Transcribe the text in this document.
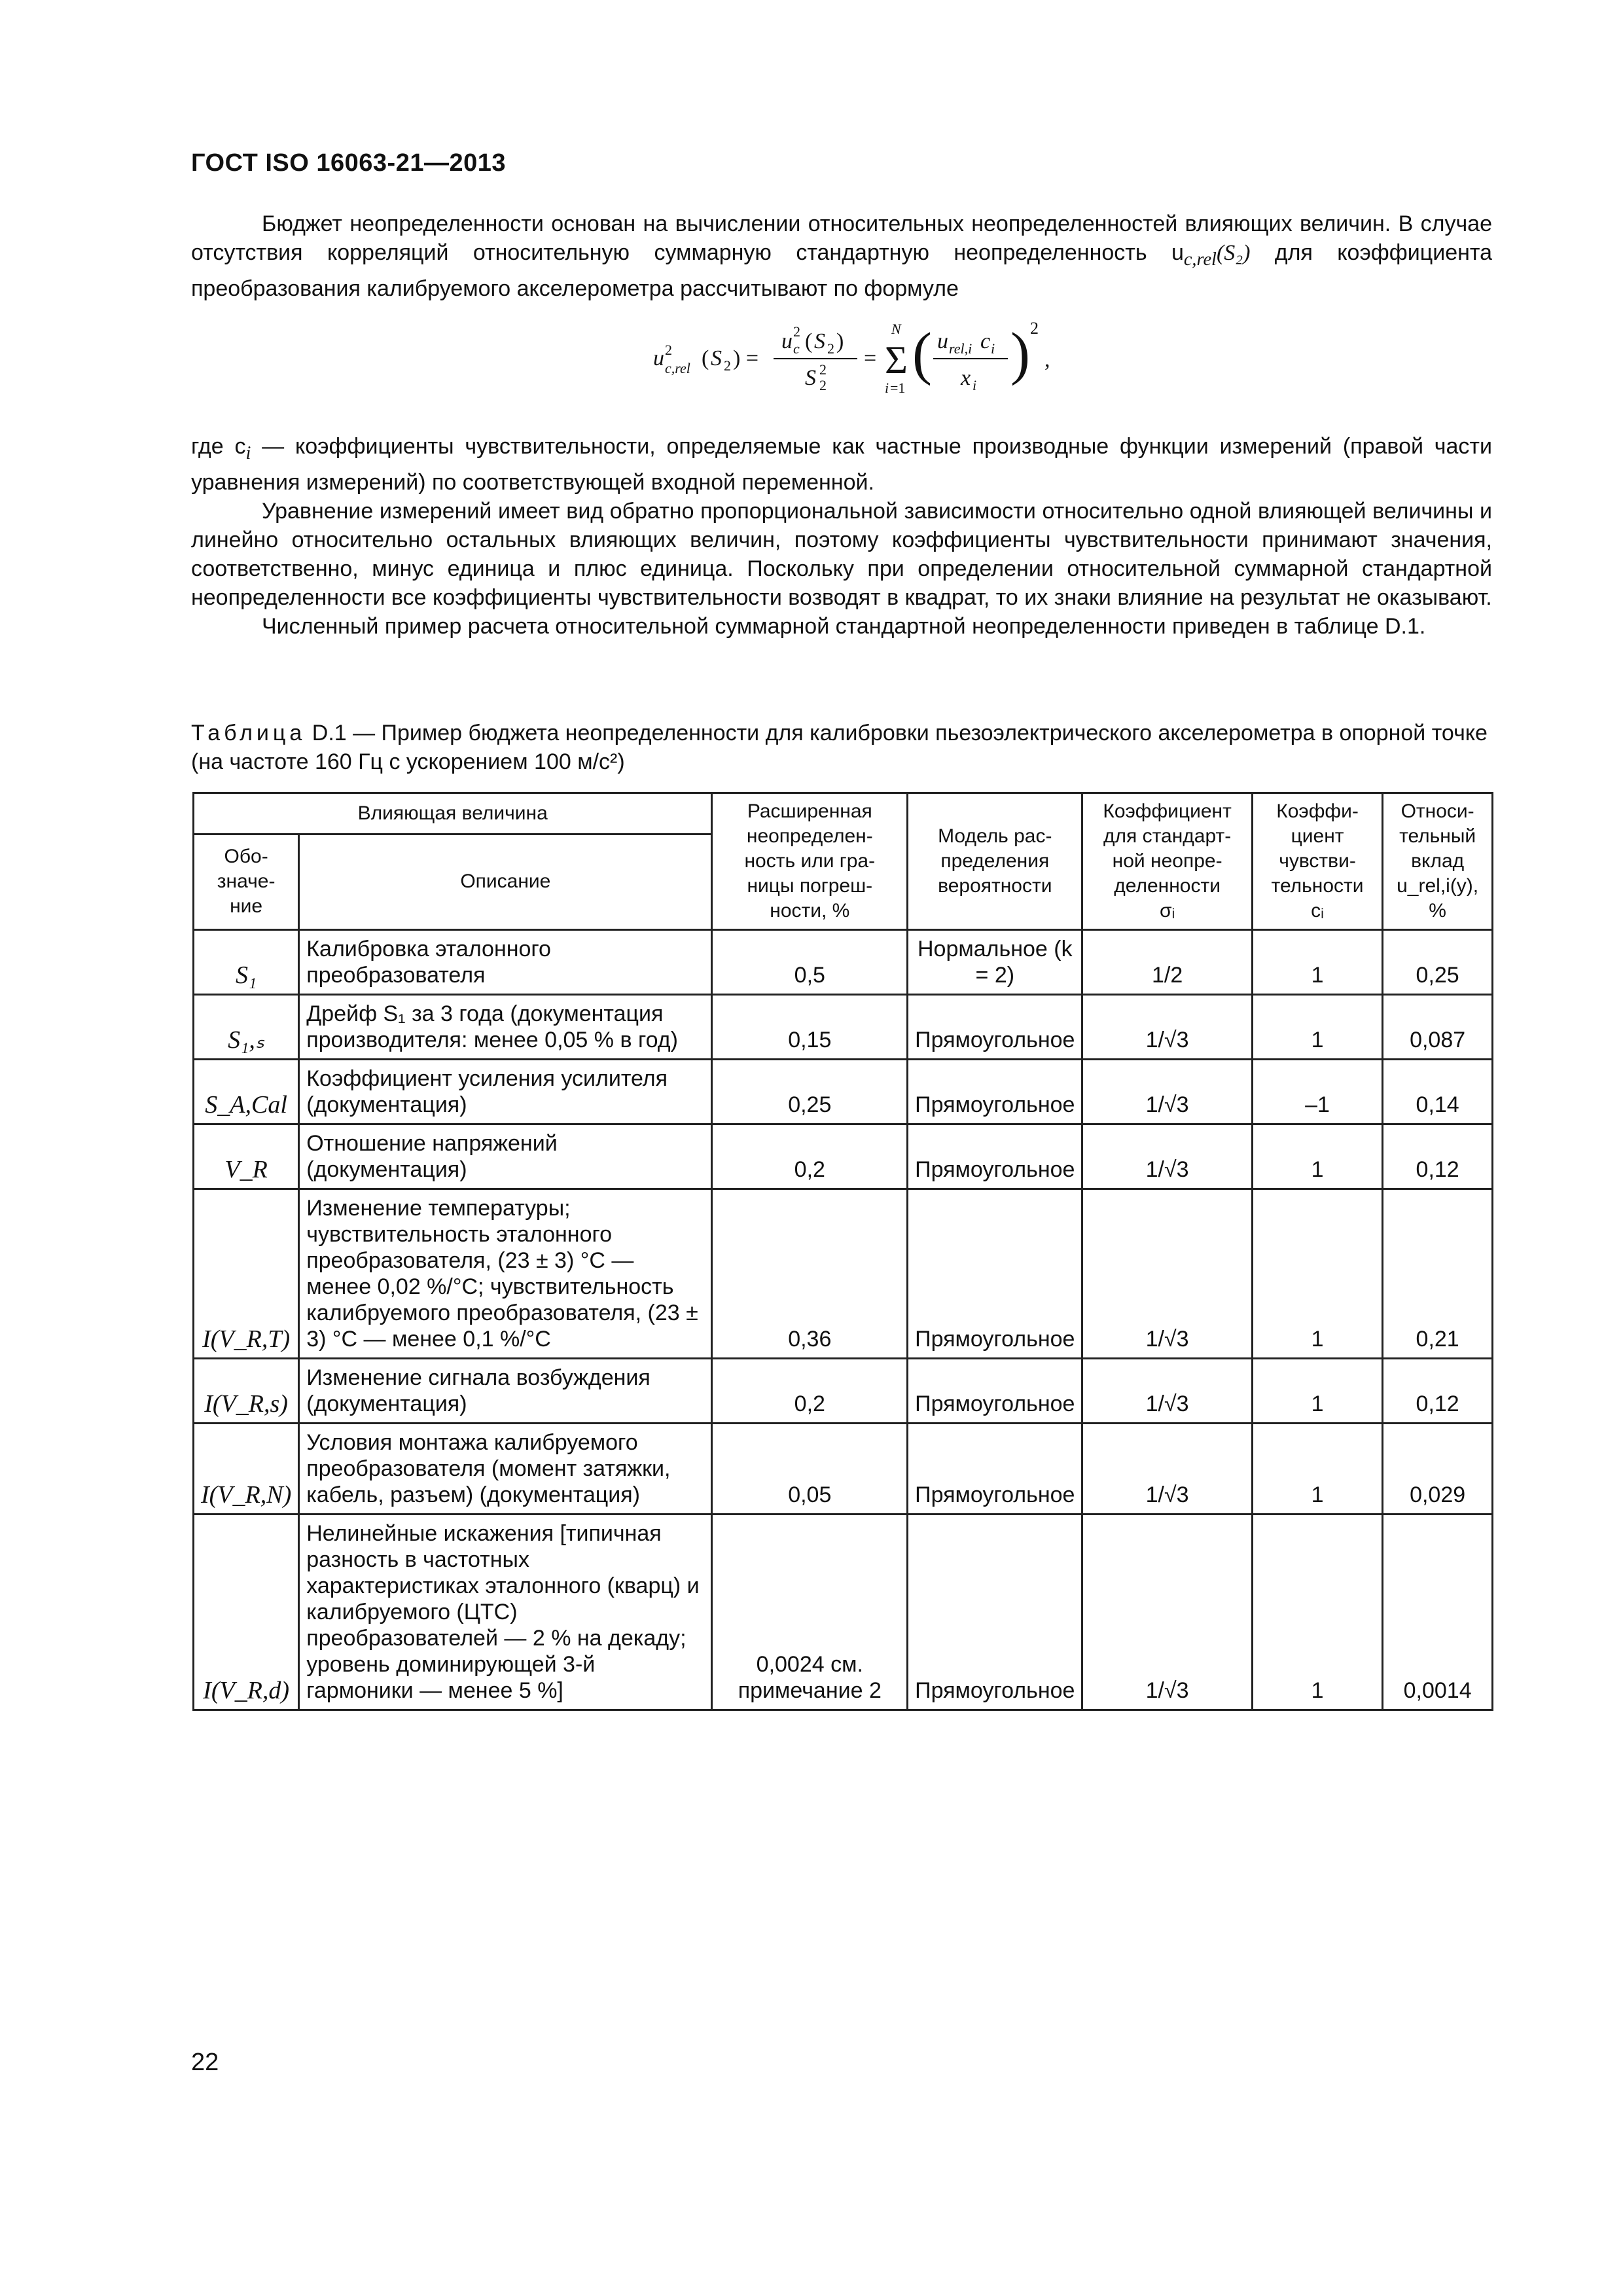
ГОСТ ISO 16063-21—2013

Бюджет неопределенности основан на вычислении относительных неопределенностей влияющих величин. В случае отсутствия корреляций относительную суммарную стандартную неопределенность $u_{c,rel}(S_2)$ для коэффициента преобразования калибруемого акселерометра рассчитывают по формуле

u 2
c,rel ( S 2 ) =
u 2
c ( S 2 )
S 2
2
= Σ
N
i =1
( u rel,i c i
x i ) 2
,

где $c_i$ — коэффициенты чувствительности, определяемые как частные производные функции измерений (правой части уравнения измерений) по соответствующей входной переменной.

Уравнение измерений имеет вид обратно пропорциональной зависимости относительно одной влияющей величины и линейно относительно остальных влияющих величин, поэтому коэффициенты чувствительности принимают значения, соответственно, минус единица и плюс единица. Поскольку при определении относительной суммарной стандартной неопределенности все коэффициенты чувствительности возводят в квадрат, то их знаки влияние на результат не оказывают.

Численный пример расчета относительной суммарной стандартной неопределенности приведен в таблице D.1.

Таблица D.1 — Пример бюджета неопределенности для калибровки пьезоэлектрического акселерометра в опорной точке (на частоте 160 Гц с ускорением 100 м/с²)
Влияющая величина		Расширенная
неопределен-
ность или гра-
ницы погреш-
ности, %	Модель рас-
пределения
вероятности	Коэффициент
для стандарт-
ной неопре-
деленности
σᵢ	Коэффи-
циент
чувстви-
тельности
cᵢ	Относи-
тельный
вклад
u_rel,i(y),
%
Обо-
значе-
ние	Описание					
S₁	Калибровка эталонного преобразователя	0,5	Нормальное (k = 2)	1/2	1	0,25
S₁,ₛ	Дрейф S₁ за 3 года (документация производителя: менее 0,05 % в год)	0,15	Прямоугольное	1/√3	1	0,087
S_A,Cal	Коэффициент усиления усилителя (документация)	0,25	Прямоугольное	1/√3	–1	0,14
V_R	Отношение напряжений (документация)	0,2	Прямоугольное	1/√3	1	0,12
I(V_R,T)	Изменение температуры; чувствительность эталонного преобразователя, (23 ± 3) °С — менее 0,02 %/°С; чувствительность калибруемого преобразователя, (23 ± 3) °С — менее 0,1 %/°С	0,36	Прямоугольное	1/√3	1	0,21
I(V_R,s)	Изменение сигнала возбуждения (документация)	0,2	Прямоугольное	1/√3	1	0,12
I(V_R,N)	Условия монтажа калибруемого преобразователя (момент затяжки, кабель, разъем) (документация)	0,05	Прямоугольное	1/√3	1	0,029
I(V_R,d)	Нелинейные искажения [типичная разность в частотных характеристиках эталонного (кварц) и калибруемого (ЦТС) преобразователей — 2 % на декаду; уровень доминирующей 3-й гармоники — менее 5 %]	0,0024 см. примечание 2	Прямоугольное	1/√3	1	0,0014
22
